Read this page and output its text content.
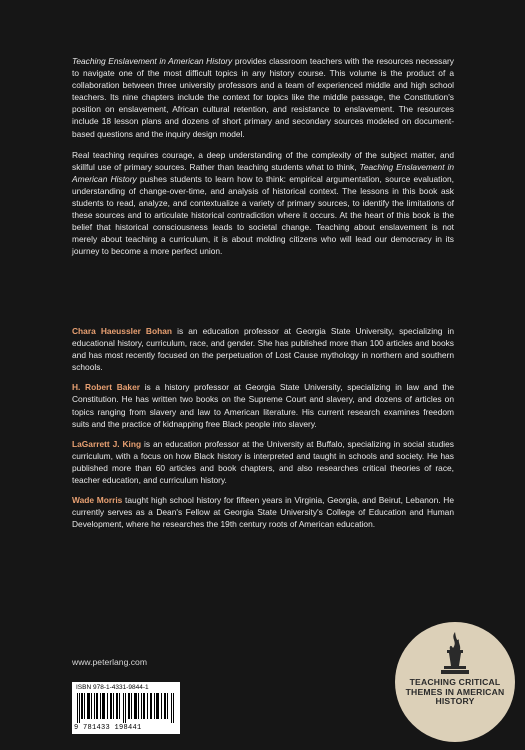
Teaching Enslavement in American History provides classroom teachers with the resources necessary to navigate one of the most difficult topics in any history course. This volume is the product of a collaboration between three university professors and a team of experienced middle and high school teachers. Its nine chapters include the context for topics like the middle passage, the Constitution's position on enslavement, African cultural retention, and resistance to enslavement. The resources include 18 lesson plans and dozens of short primary and secondary sources modeled on document-based questions and the inquiry design model.

Real teaching requires courage, a deep understanding of the complexity of the subject matter, and skillful use of primary sources. Rather than teaching students what to think, Teaching Enslavement in American History pushes students to learn how to think: empirical argumentation, source evaluation, understanding of change-over-time, and analysis of historical context. The lessons in this book ask students to read, analyze, and contextualize a variety of primary sources, to identify the limitations of these sources and to articulate historical contradiction where it occurs. At the heart of this book is the belief that historical consciousness leads to societal change. Teaching about enslavement is not merely about teaching a curriculum, it is about molding citizens who will lead our democracy in its journey to become a more perfect union.

Chara Haeussler Bohan is an education professor at Georgia State University, specializing in educational history, curriculum, race, and gender. She has published more than 100 articles and books and has most recently focused on the perpetuation of Lost Cause mythology in northern and southern schools.

H. Robert Baker is a history professor at Georgia State University, specializing in law and the Constitution. He has written two books on the Supreme Court and slavery, and dozens of articles on topics ranging from slavery and law to American literature. His current research examines freedom suits and the practice of kidnapping free Black people into slavery.

LaGarrett J. King is an education professor at the University at Buffalo, specializing in social studies curriculum, with a focus on how Black history is interpreted and taught in schools and society. He has published more than 60 articles and book chapters, and also researches critical theories of race, teacher education, and curriculum history.

Wade Morris taught high school history for fifteen years in Virginia, Georgia, and Beirut, Lebanon. He currently serves as a Dean's Fellow at Georgia State University's College of Education and Human Development, where he researches the 19th century roots of American education.

www.peterlang.com
ISBN 978-1-4331-9844-1
9 781433 198441
TEACHING CRITICAL
THEMES IN AMERICAN
HISTORY
